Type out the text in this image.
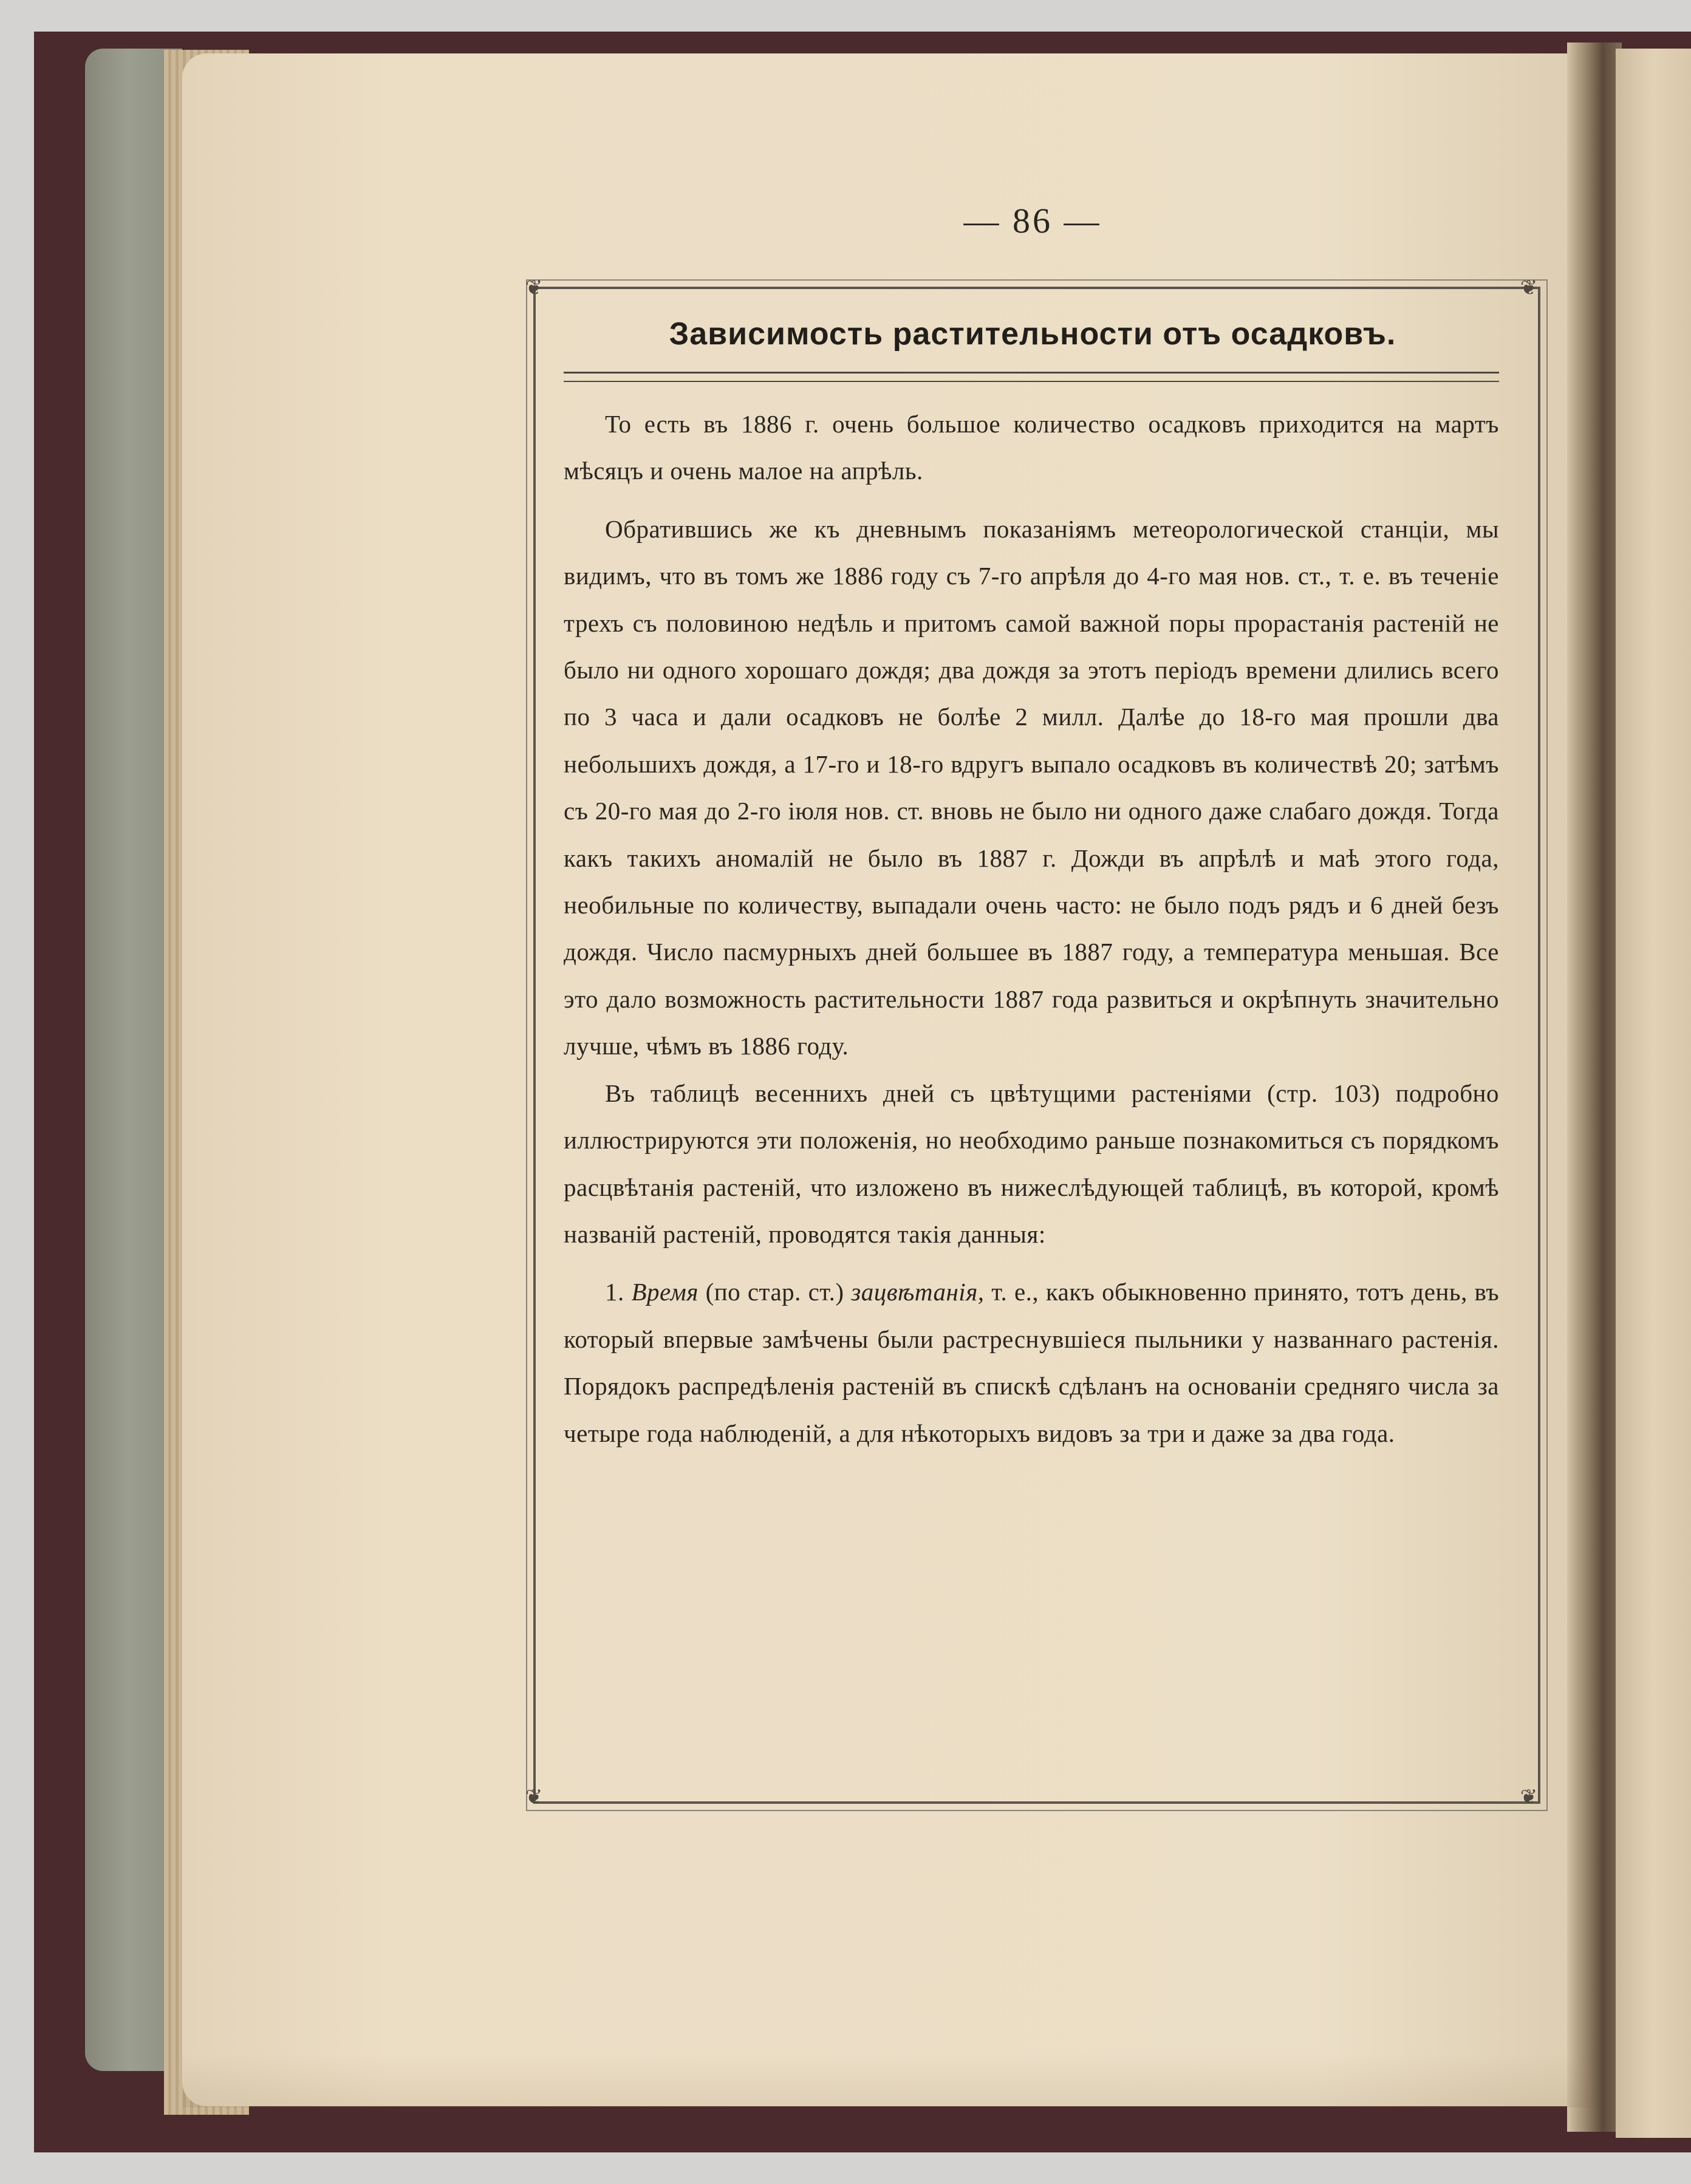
— 86 —
❦	❦
❦	❦
Зависимость растительности отъ осадковъ.

То есть въ 1886 г. очень большое количество осадковъ приходится на мартъ мѣсяцъ и очень малое на апрѣль.

Обратившись же къ дневнымъ показаніямъ метеорологической станціи, мы видимъ, что въ томъ же 1886 году съ 7-го апрѣля до 4-го мая нов. ст., т. е. въ теченіе трехъ съ половиною недѣль и притомъ самой важной поры прорастанія растеній не было ни одного хорошаго дождя; два дождя за этотъ періодъ времени длились всего по 3 часа и дали осадковъ не болѣе 2 милл. Далѣе до 18-го мая прошли два небольшихъ дождя, а 17-го и 18-го вдругъ выпало осадковъ въ количествѣ 20; затѣмъ съ 20-го мая до 2-го іюля нов. ст. вновь не было ни одного даже слабаго дождя. Тогда какъ такихъ аномалій не было въ 1887 г. Дожди въ апрѣлѣ и маѣ этого года, необильные по количеству, выпадали очень часто: не было подъ рядъ и 6 дней безъ дождя. Число пасмурныхъ дней большее въ 1887 году, а температура меньшая. Все это дало возможность растительности 1887 года развиться и окрѣпнуть значительно лучше, чѣмъ въ 1886 году.

Въ таблицѣ весеннихъ дней съ цвѣтущими растеніями (стр. 103) подробно иллюстрируются эти положенія, но необходимо раньше познакомиться съ порядкомъ расцвѣтанія растеній, что изложено въ нижеслѣдующей таблицѣ, въ которой, кромѣ названій растеній, проводятся такія данныя:

1. Время (по стар. ст.) зацвѣтанія, т. е., какъ обыкновенно принято, тотъ день, въ который впервые замѣчены были растреснувшіеся пыльники у названнаго растенія. Порядокъ распредѣленія растеній въ спискѣ сдѣланъ на основаніи средняго числа за четыре года наблюденій, а для нѣкоторыхъ видовъ за три и даже за два года.
